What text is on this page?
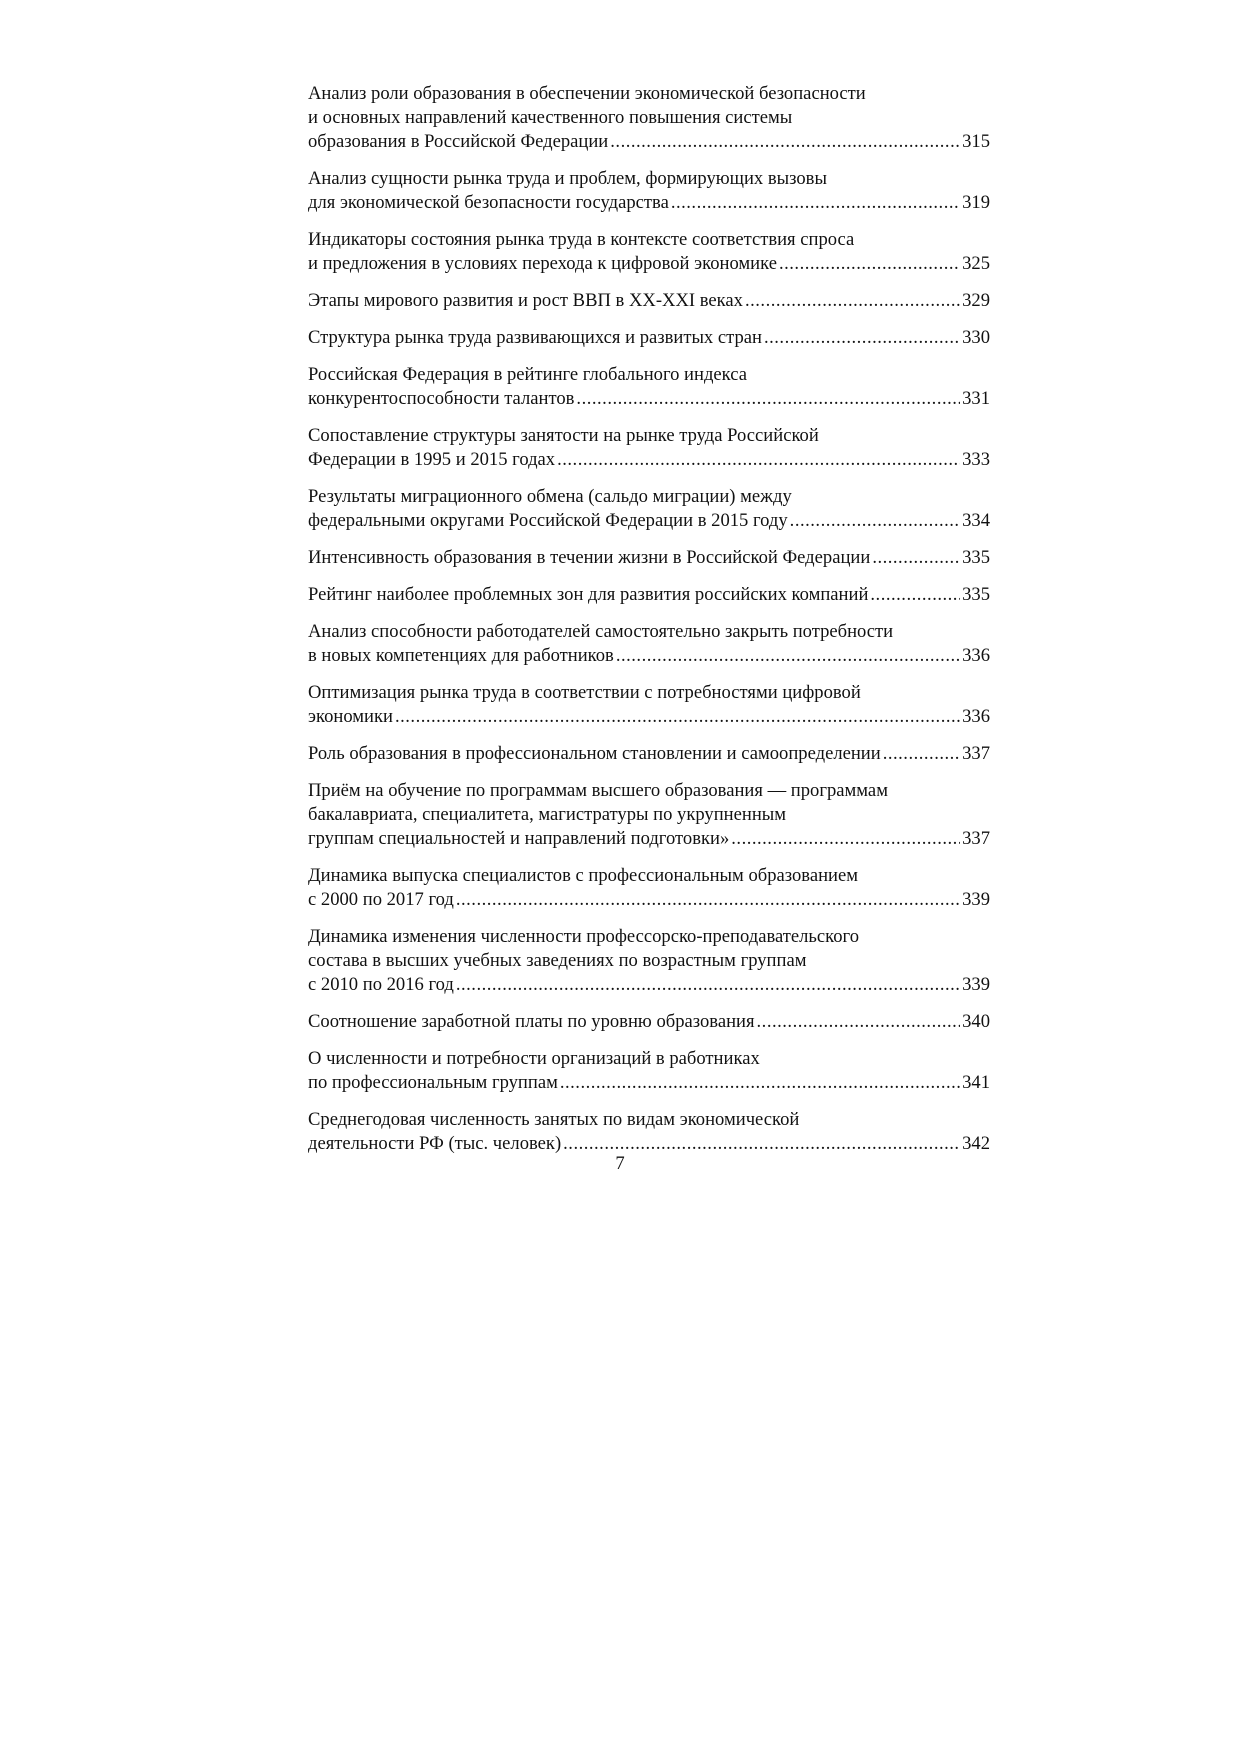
Анализ роли образования в обеспечении экономической безопасности
и основных направлений качественного повышения системы
образования в Российской Федерации .....	315
Анализ сущности рынка труда и проблем, формирующих вызовы
для экономической безопасности государства .....	319
Индикаторы состояния рынка труда в контексте соответствия спроса
и предложения в условиях перехода к цифровой экономике .....	325
Этапы мирового развития и рост ВВП в XX-XXI веках .....	329
Структура рынка труда развивающихся и развитых стран .....	330
Российская Федерация в рейтинге глобального индекса
конкурентоспособности талантов .....	331
Сопоставление структуры занятости на рынке труда Российской
Федерации в 1995 и 2015 годах .....	333
Результаты миграционного обмена (сальдо миграции) между
федеральными округами Российской Федерации в 2015 году .....	334
Интенсивность образования в течении жизни в Российской Федерации .....	335
Рейтинг наиболее проблемных зон для развития российских компаний .....	335
Анализ способности работодателей самостоятельно закрыть потребности
в новых компетенциях для работников .....	336
Оптимизация рынка труда в соответствии с потребностями цифровой
экономики .....	336
Роль образования в профессиональном становлении и самоопределении .....	337
Приём на обучение по программам высшего образования — программам
бакалавриата, специалитета, магистратуры по укрупненным
группам специальностей и направлений подготовки» .....	337
Динамика выпуска специалистов с профессиональным образованием
с 2000 по 2017 год .....	339
Динамика изменения численности профессорско-преподавательского
состава в высших учебных заведениях по возрастным группам
с 2010 по 2016 год .....	339
Соотношение заработной платы по уровню образования .....	340
О численности и потребности организаций в работниках
по профессиональным группам .....	341
Среднегодовая численность занятых по видам экономической
деятельности РФ (тыс. человек) .....	342
7
